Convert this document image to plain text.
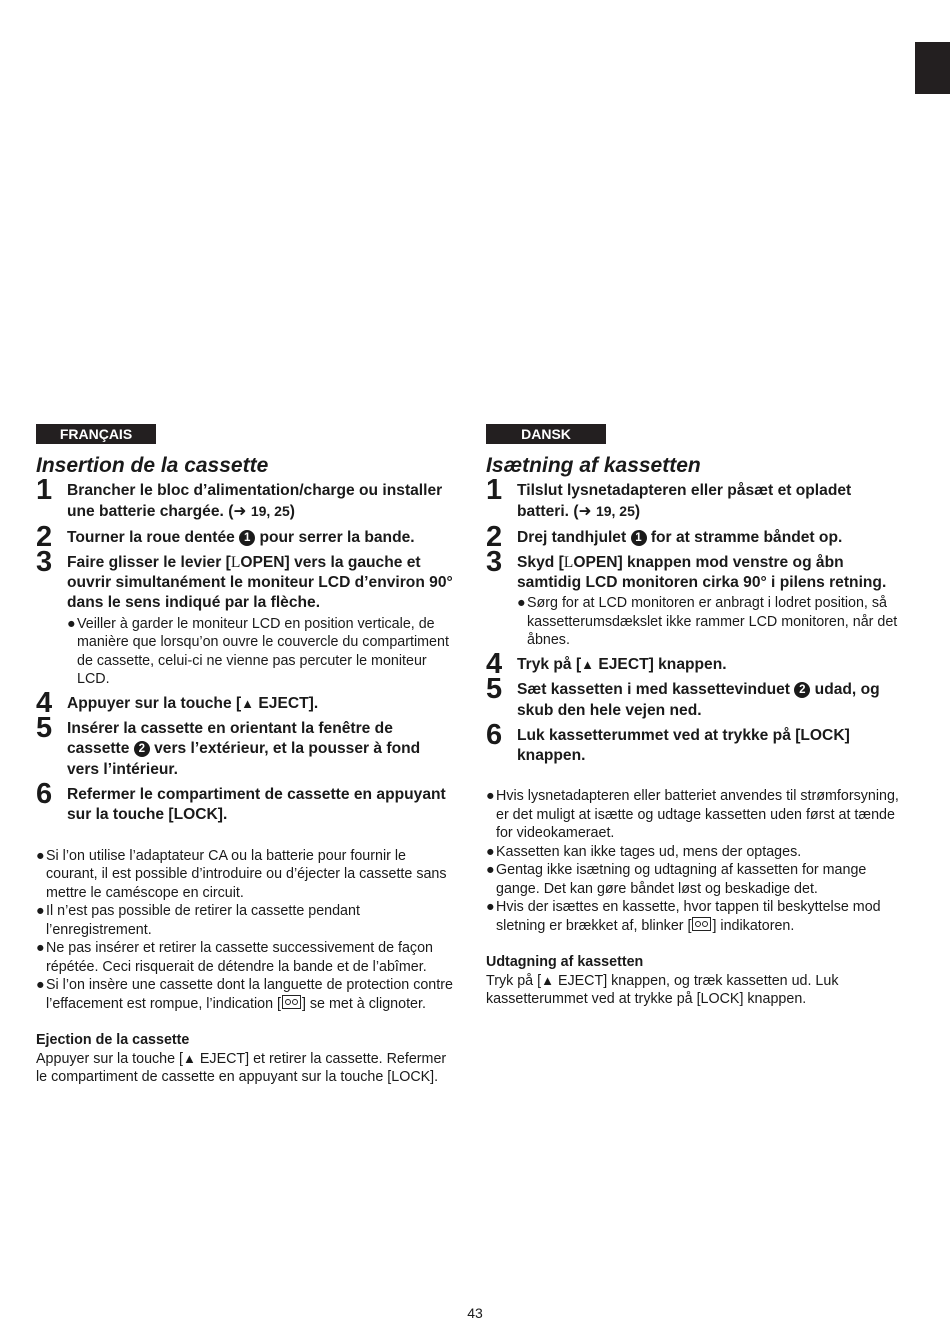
FRANÇAIS
Insertion de la cassette
1 Brancher le bloc d’alimentation/charge ou installer une batterie chargée. (➜ 19, 25)
2 Tourner la roue dentée 1 pour serrer la bande.
3 Faire glisser le levier [LOPEN] vers la gauche et ouvrir simultanément le moniteur LCD d’environ 90° dans le sens indiqué par la flèche.
● Veiller à garder le moniteur LCD en position verticale, de manière que lorsqu’on ouvre le couvercle du compartiment de cassette, celui-ci ne vienne pas percuter le moniteur LCD.
4 Appuyer sur la touche [▲ EJECT].
5 Insérer la cassette en orientant la fenêtre de cassette 2 vers l’extérieur, et la pousser à fond vers l’intérieur.
6 Refermer le compartiment de cassette en appuyant sur la touche [LOCK].
● Si l’on utilise l’adaptateur CA ou la batterie pour fournir le courant, il est possible d’introduire ou d’éjecter la cassette sans mettre le caméscope en circuit.
● Il n’est pas possible de retirer la cassette pendant l’enregistrement.
● Ne pas insérer et retirer la cassette successivement de façon répétée. Ceci risquerait de détendre la bande et de l’abîmer.
● Si l’on insère une cassette dont la languette de protection contre l’effacement est rompue, l’indication [ ] se met à clignoter.
Ejection de la cassette
Appuyer sur la touche [▲ EJECT] et retirer la cassette. Refermer le compartiment de cassette en appuyant sur la touche [LOCK].
DANSK
Isætning af kassetten
1 Tilslut lysnetadapteren eller påsæt et opladet batteri. (➜ 19, 25)
2 Drej tandhjulet 1 for at stramme båndet op.
3 Skyd [LOPEN] knappen mod venstre og åbn samtidig LCD monitoren cirka 90° i pilens retning.
● Sørg for at LCD monitoren er anbragt i lodret position, så kassetterumsdækslet ikke rammer LCD monitoren, når det åbnes.
4 Tryk på [▲ EJECT] knappen.
5 Sæt kassetten i med kassettevinduet 2 udad, og skub den hele vejen ned.
6 Luk kassetterummet ved at trykke på [LOCK] knappen.
● Hvis lysnetadapteren eller batteriet anvendes til strømforsyning, er det muligt at isætte og udtage kassetten uden først at tænde for videokameraet.
● Kassetten kan ikke tages ud, mens der optages.
● Gentag ikke isætning og udtagning af kassetten for mange gange. Det kan gøre båndet løst og beskadige det.
● Hvis der isættes en kassette, hvor tappen til beskyttelse mod sletning er brækket af, blinker [ ] indikatoren.
Udtagning af kassetten
Tryk på [▲ EJECT] knappen, og træk kassetten ud. Luk kassetterummet ved at trykke på [LOCK] knappen.
43
